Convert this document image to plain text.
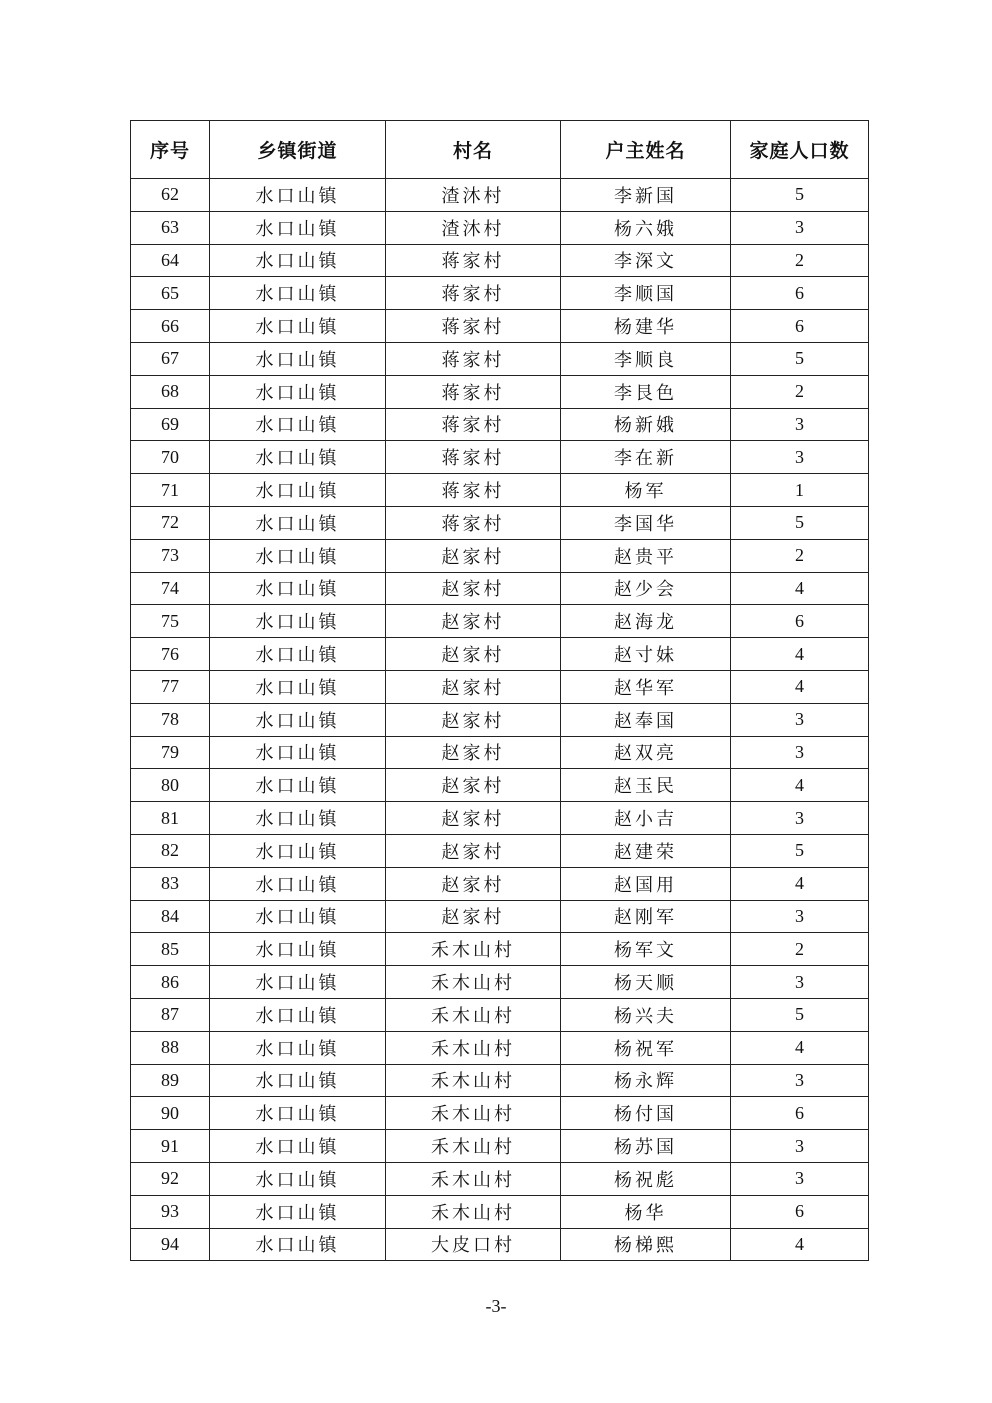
序号	乡镇街道	村名	户主姓名	家庭人口数
62	水口山镇	渣沐村	李新国	5
63	水口山镇	渣沐村	杨六娥	3
64	水口山镇	蒋家村	李深文	2
65	水口山镇	蒋家村	李顺国	6
66	水口山镇	蒋家村	杨建华	6
67	水口山镇	蒋家村	李顺良	5
68	水口山镇	蒋家村	李艮色	2
69	水口山镇	蒋家村	杨新娥	3
70	水口山镇	蒋家村	李在新	3
71	水口山镇	蒋家村	杨军	1
72	水口山镇	蒋家村	李国华	5
73	水口山镇	赵家村	赵贵平	2
74	水口山镇	赵家村	赵少会	4
75	水口山镇	赵家村	赵海龙	6
76	水口山镇	赵家村	赵寸妹	4
77	水口山镇	赵家村	赵华军	4
78	水口山镇	赵家村	赵奉国	3
79	水口山镇	赵家村	赵双亮	3
80	水口山镇	赵家村	赵玉民	4
81	水口山镇	赵家村	赵小吉	3
82	水口山镇	赵家村	赵建荣	5
83	水口山镇	赵家村	赵国用	4
84	水口山镇	赵家村	赵刚军	3
85	水口山镇	禾木山村	杨军文	2
86	水口山镇	禾木山村	杨天顺	3
87	水口山镇	禾木山村	杨兴夫	5
88	水口山镇	禾木山村	杨祝军	4
89	水口山镇	禾木山村	杨永辉	3
90	水口山镇	禾木山村	杨付国	6
91	水口山镇	禾木山村	杨苏国	3
92	水口山镇	禾木山村	杨祝彪	3
93	水口山镇	禾木山村	杨华	6
94	水口山镇	大皮口村	杨梯熙	4
-3-
